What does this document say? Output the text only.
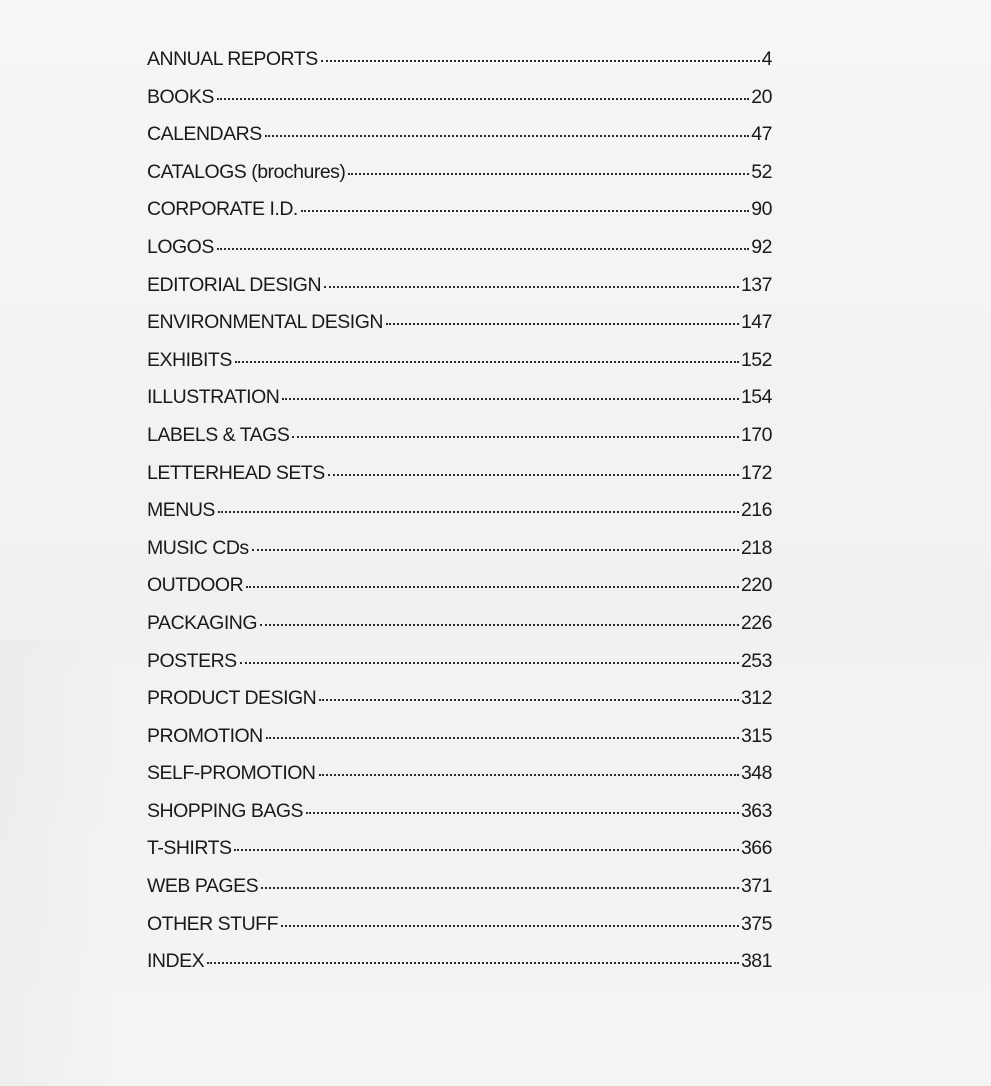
ANNUAL REPORTS	4
BOOKS	20
CALENDARS	47
CATALOGS (brochures)	52
CORPORATE I.D.	90
LOGOS	92
EDITORIAL DESIGN	137
ENVIRONMENTAL DESIGN	147
EXHIBITS	152
ILLUSTRATION	154
LABELS & TAGS	170
LETTERHEAD SETS	172
MENUS	216
MUSIC CDs	218
OUTDOOR	220
PACKAGING	226
POSTERS	253
PRODUCT DESIGN	312
PROMOTION	315
SELF-PROMOTION	348
SHOPPING BAGS	363
T-SHIRTS	366
WEB PAGES	371
OTHER STUFF	375
INDEX	381
